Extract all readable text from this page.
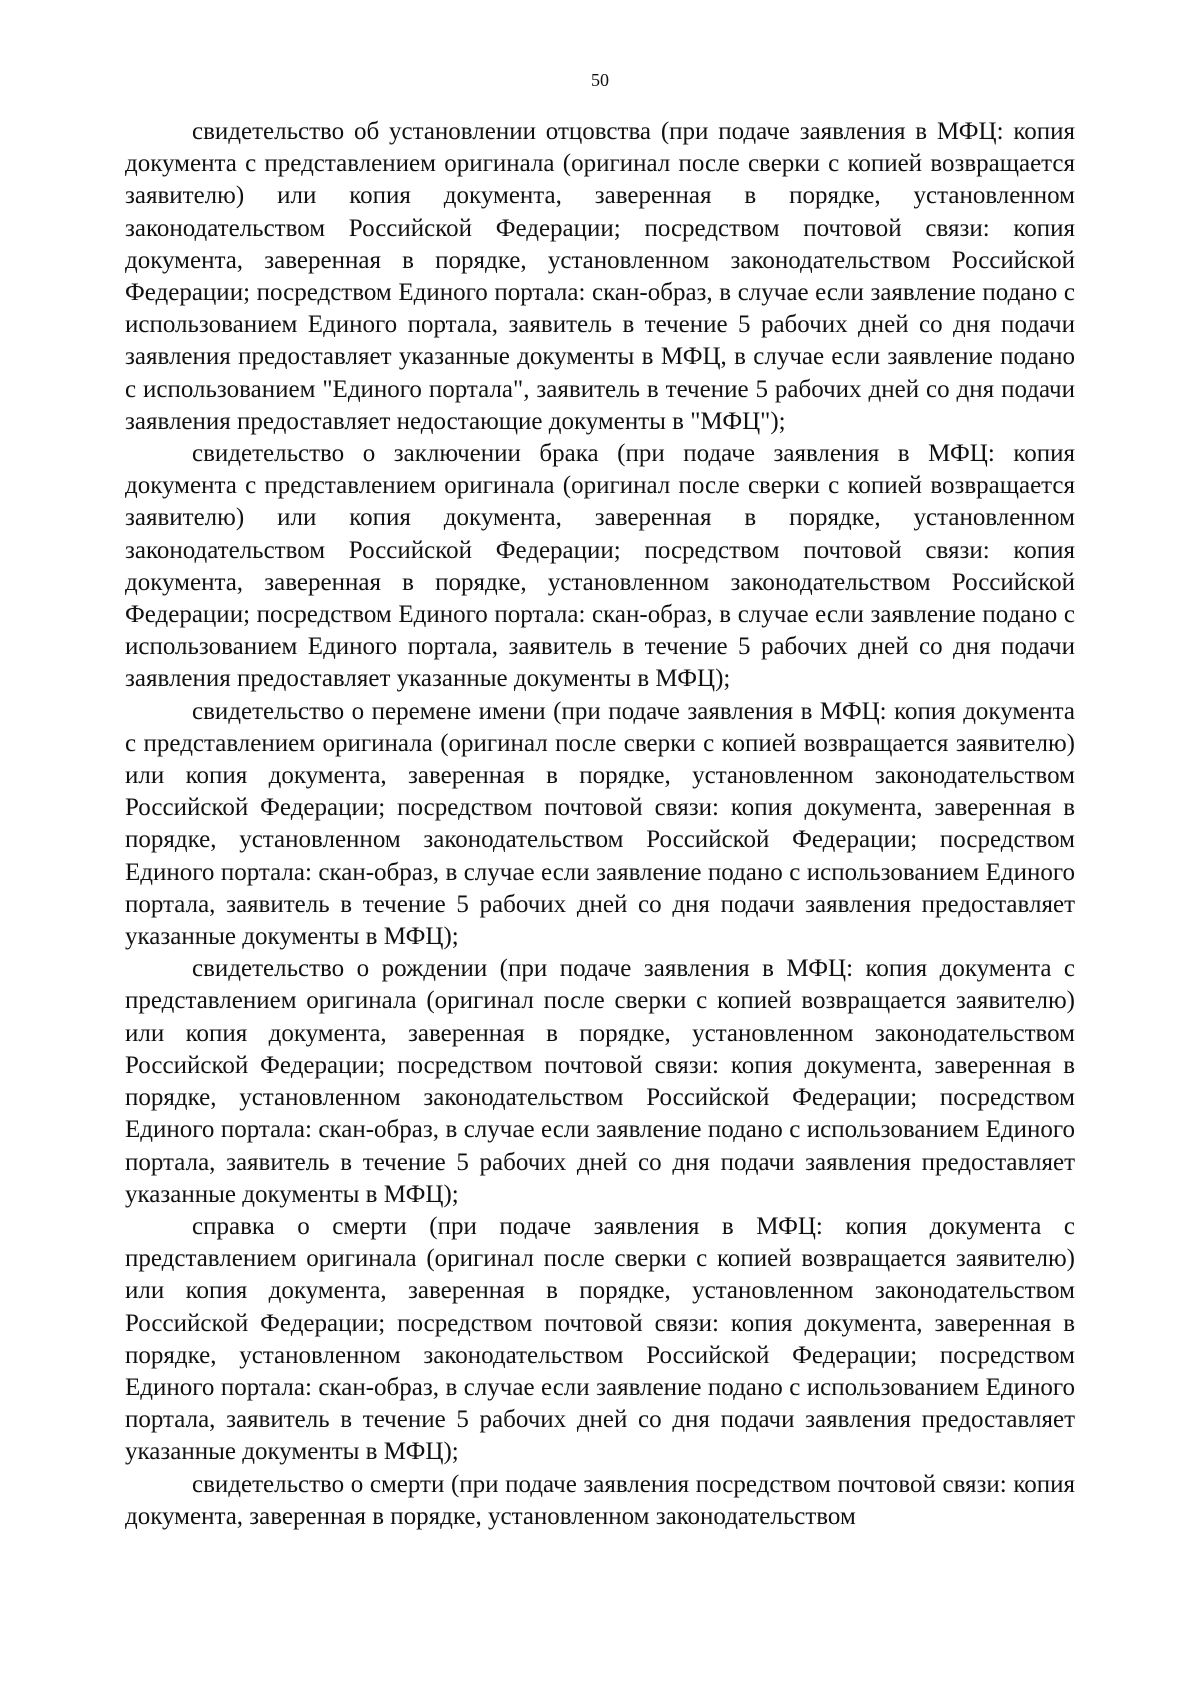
50

свидетельство об установлении отцовства (при подаче заявления в МФЦ: копия документа с представлением оригинала (оригинал после сверки с копией возвращается заявителю) или копия документа, заверенная в порядке, установленном законодательством Российской Федерации; посредством почтовой связи: копия документа, заверенная в порядке, установленном законодательством Российской Федерации; посредством Единого портала: скан-образ, в случае если заявление подано с использованием Единого портала, заявитель в течение 5 рабочих дней со дня подачи заявления предоставляет указанные документы в МФЦ, в случае если заявление подано с использованием "Единого портала", заявитель в течение 5 рабочих дней со дня подачи заявления предоставляет недостающие документы в "МФЦ");

свидетельство о заключении брака (при подаче заявления в МФЦ: копия документа с представлением оригинала (оригинал после сверки с копией возвращается заявителю) или копия документа, заверенная в порядке, установленном законодательством Российской Федерации; посредством почтовой связи: копия документа, заверенная в порядке, установленном законодательством Российской Федерации; посредством Единого портала: скан-образ, в случае если заявление подано с использованием Единого портала, заявитель в течение 5 рабочих дней со дня подачи заявления предоставляет указанные документы в МФЦ);

свидетельство о перемене имени (при подаче заявления в МФЦ: копия документа с представлением оригинала (оригинал после сверки с копией возвращается заявителю) или копия документа, заверенная в порядке, установленном законодательством Российской Федерации; посредством почтовой связи: копия документа, заверенная в порядке, установленном законодательством Российской Федерации; посредством Единого портала: скан-образ, в случае если заявление подано с использованием Единого портала, заявитель в течение 5 рабочих дней со дня подачи заявления предоставляет указанные документы в МФЦ);

свидетельство о рождении (при подаче заявления в МФЦ: копия документа с представлением оригинала (оригинал после сверки с копией возвращается заявителю) или копия документа, заверенная в порядке, установленном законодательством Российской Федерации; посредством почтовой связи: копия документа, заверенная в порядке, установленном законодательством Российской Федерации; посредством Единого портала: скан-образ, в случае если заявление подано с использованием Единого портала, заявитель в течение 5 рабочих дней со дня подачи заявления предоставляет указанные документы в МФЦ);

справка о смерти (при подаче заявления в МФЦ: копия документа с представлением оригинала (оригинал после сверки с копией возвращается заявителю) или копия документа, заверенная в порядке, установленном законодательством Российской Федерации; посредством почтовой связи: копия документа, заверенная в порядке, установленном законодательством Российской Федерации; посредством Единого портала: скан-образ, в случае если заявление подано с использованием Единого портала, заявитель в течение 5 рабочих дней со дня подачи заявления предоставляет указанные документы в МФЦ);

свидетельство о смерти (при подаче заявления посредством почтовой связи: копия документа, заверенная в порядке, установленном законодательством
